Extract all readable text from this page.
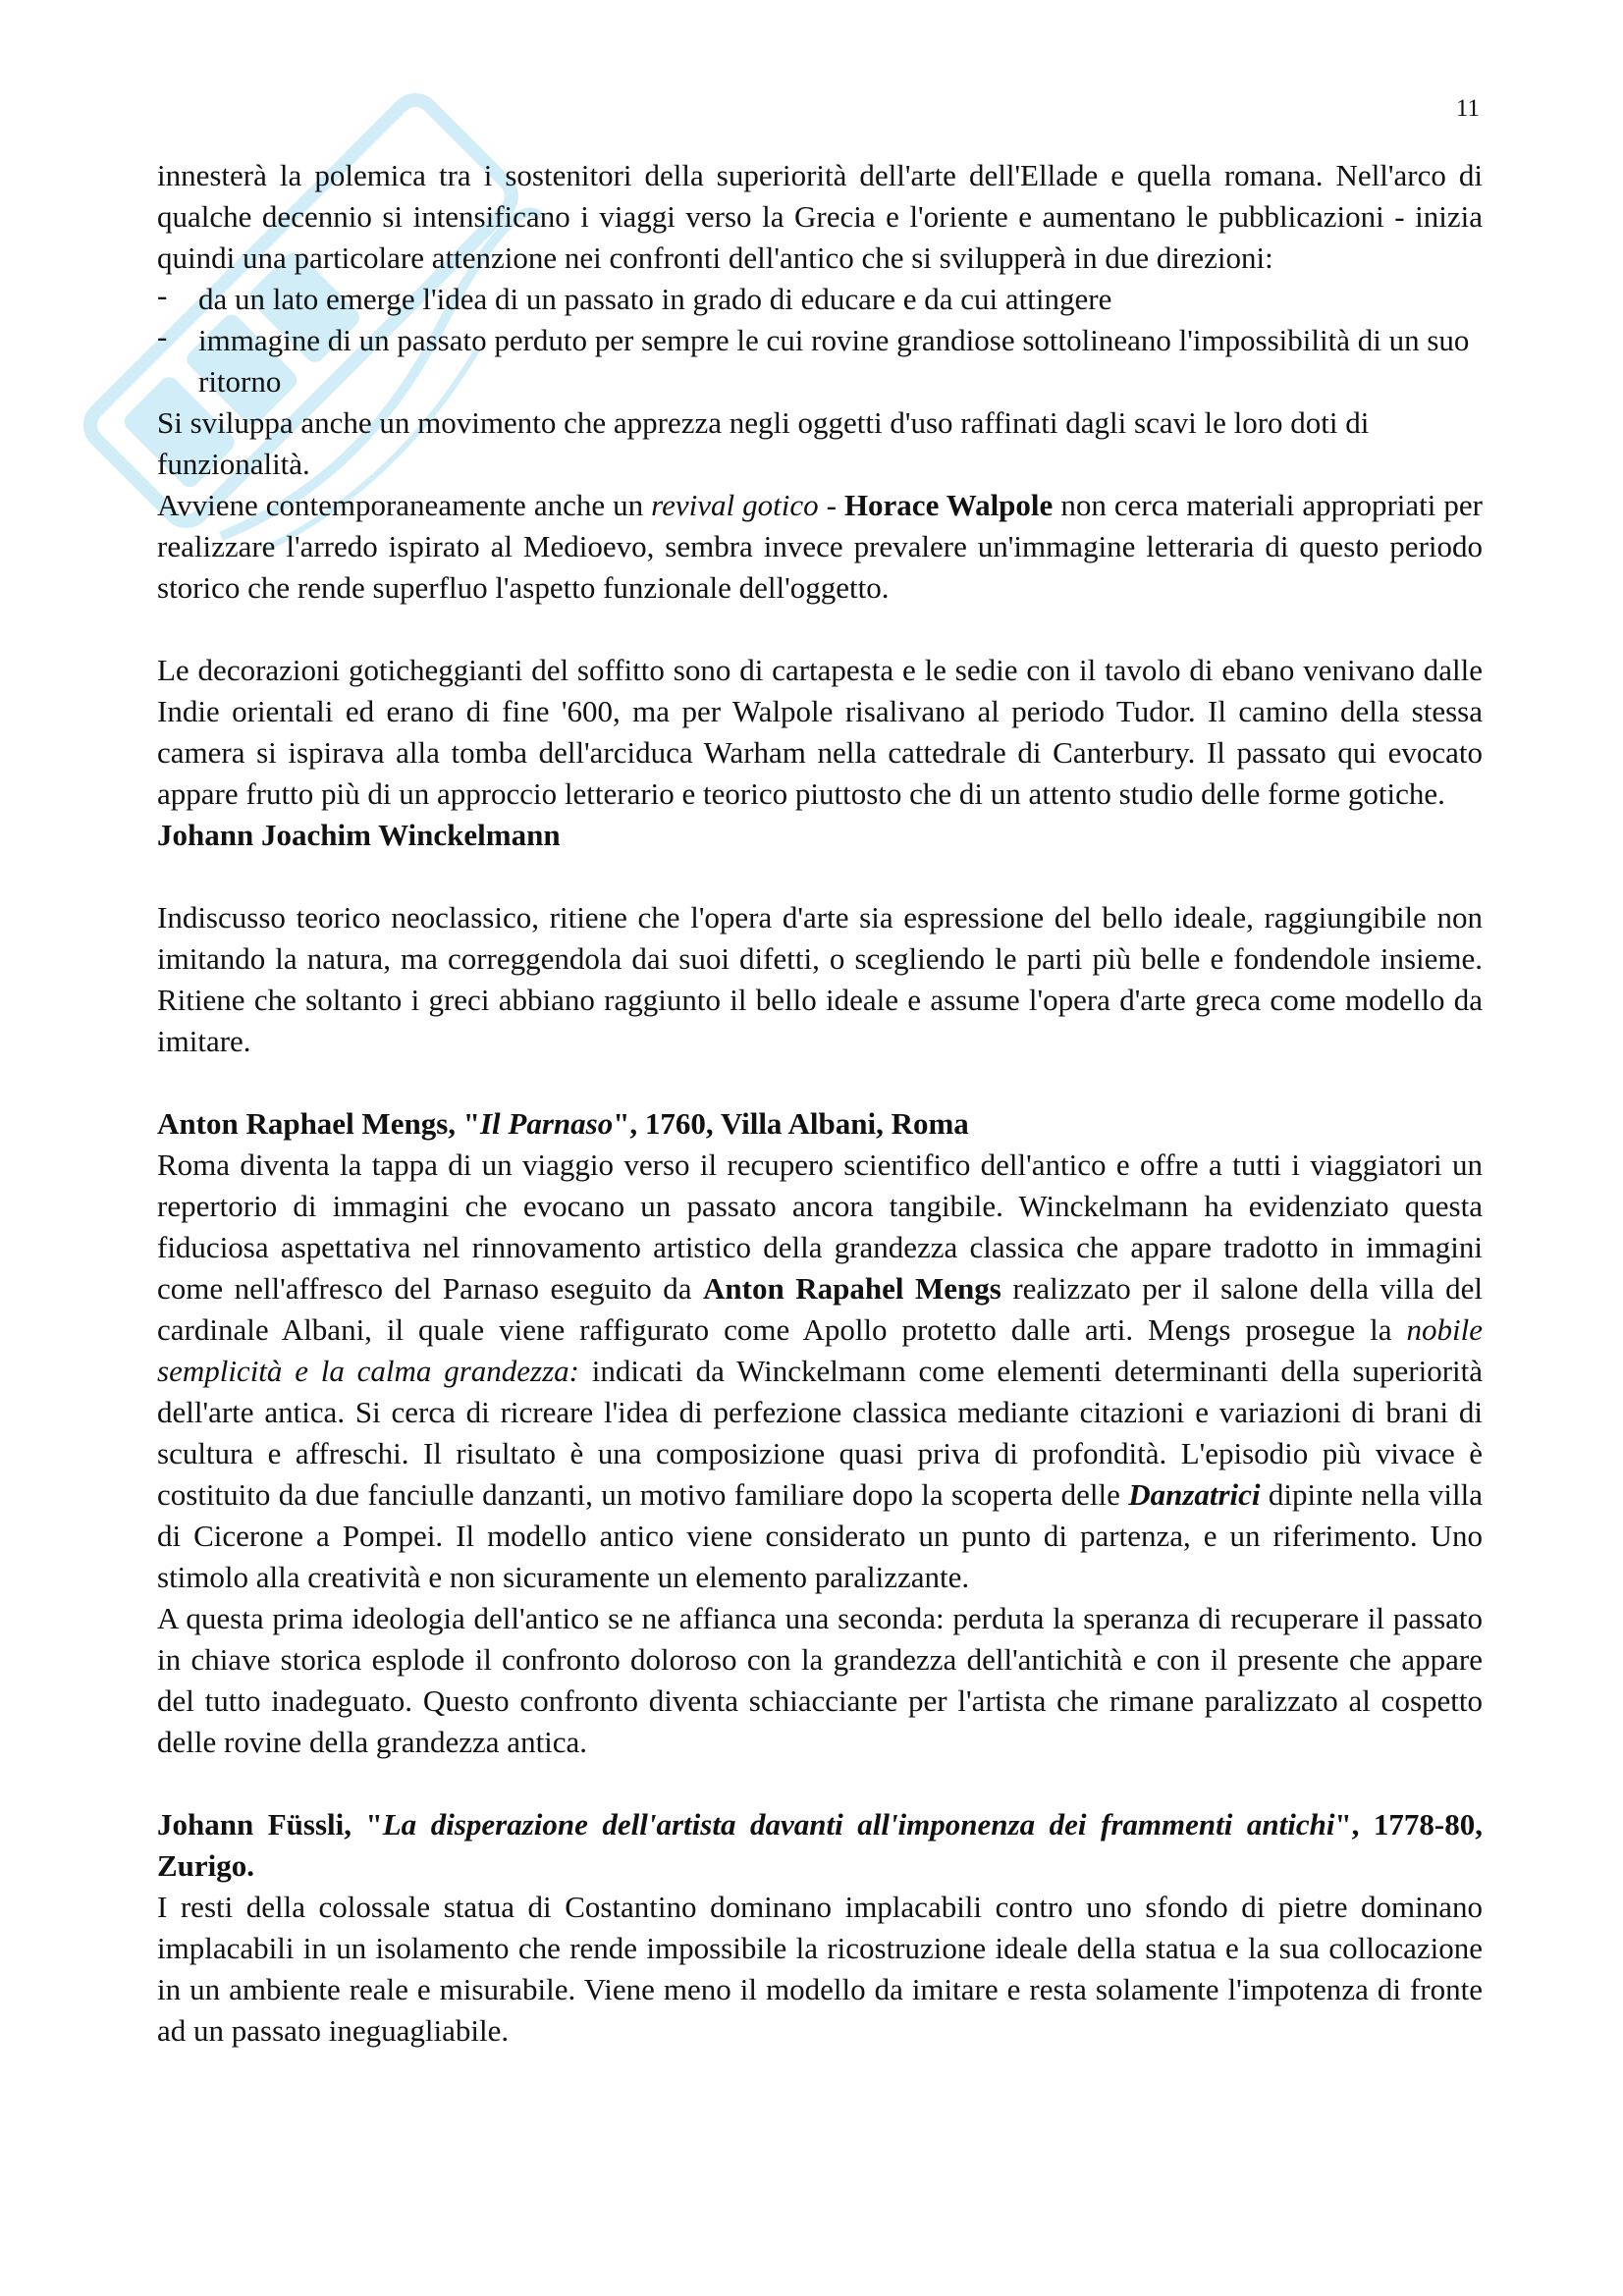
11

innesterà la polemica tra i sostenitori della superiorità dell'arte dell'Ellade e quella romana. Nell'arco di qualche decennio si intensificano i viaggi verso la Grecia e l'oriente e aumentano le pubblicazioni - inizia quindi una particolare attenzione nei confronti dell'antico che si svilupperà in due direzioni:

- da un lato emerge l'idea di un passato in grado di educare e da cui attingere
- immagine di un passato perduto per sempre le cui rovine grandiose sottolineano l'impossibilità di un suo ritorno

Si sviluppa anche un movimento che apprezza negli oggetti d'uso raffinati dagli scavi le loro doti di funzionalità.

Avviene contemporaneamente anche un revival gotico - Horace Walpole non cerca materiali appropriati per realizzare l'arredo ispirato al Medioevo, sembra invece prevalere un'immagine letteraria di questo periodo storico che rende superfluo l'aspetto funzionale dell'oggetto.

Le decorazioni goticheggianti del soffitto sono di cartapesta e le sedie con il tavolo di ebano venivano dalle Indie orientali ed erano di fine '600, ma per Walpole risalivano al periodo Tudor. Il camino della stessa camera si ispirava alla tomba dell'arciduca Warham nella cattedrale di Canterbury. Il passato qui evocato appare frutto più di un approccio letterario e teorico piuttosto che di un attento studio delle forme gotiche.

Johann Joachim Winckelmann

Indiscusso teorico neoclassico, ritiene che l'opera d'arte sia espressione del bello ideale, raggiungibile non imitando la natura, ma correggendola dai suoi difetti, o scegliendo le parti più belle e fondendole insieme. Ritiene che soltanto i greci abbiano raggiunto il bello ideale e assume l'opera d'arte greca come modello da imitare.

Anton Raphael Mengs, "Il Parnaso", 1760, Villa Albani, Roma

Roma diventa la tappa di un viaggio verso il recupero scientifico dell'antico e offre a tutti i viaggiatori un repertorio di immagini che evocano un passato ancora tangibile. Winckelmann ha evidenziato questa fiduciosa aspettativa nel rinnovamento artistico della grandezza classica che appare tradotto in immagini come nell'affresco del Parnaso eseguito da Anton Rapahel Mengs realizzato per il salone della villa del cardinale Albani, il quale viene raffigurato come Apollo protetto dalle arti. Mengs prosegue la nobile semplicità e la calma grandezza: indicati da Winckelmann come elementi determinanti della superiorità dell'arte antica. Si cerca di ricreare l'idea di perfezione classica mediante citazioni e variazioni di brani di scultura e affreschi. Il risultato è una composizione quasi priva di profondità. L'episodio più vivace è costituito da due fanciulle danzanti, un motivo familiare dopo la scoperta delle Danzatrici dipinte nella villa di Cicerone a Pompei. Il modello antico viene considerato un punto di partenza, e un riferimento. Uno stimolo alla creatività e non sicuramente un elemento paralizzante.

A questa prima ideologia dell'antico se ne affianca una seconda: perduta la speranza di recuperare il passato in chiave storica esplode il confronto doloroso con la grandezza dell'antichità e con il presente che appare del tutto inadeguato. Questo confronto diventa schiacciante per l'artista che rimane paralizzato al cospetto delle rovine della grandezza antica.

Johann Füssli, "La disperazione dell'artista davanti all'imponenza dei frammenti antichi", 1778-80, Zurigo.

I resti della colossale statua di Costantino dominano implacabili contro uno sfondo di pietre dominano implacabili in un isolamento che rende impossibile la ricostruzione ideale della statua e la sua collocazione in un ambiente reale e misurabile. Viene meno il modello da imitare e resta solamente l'impotenza di fronte ad un passato ineguagliabile.
